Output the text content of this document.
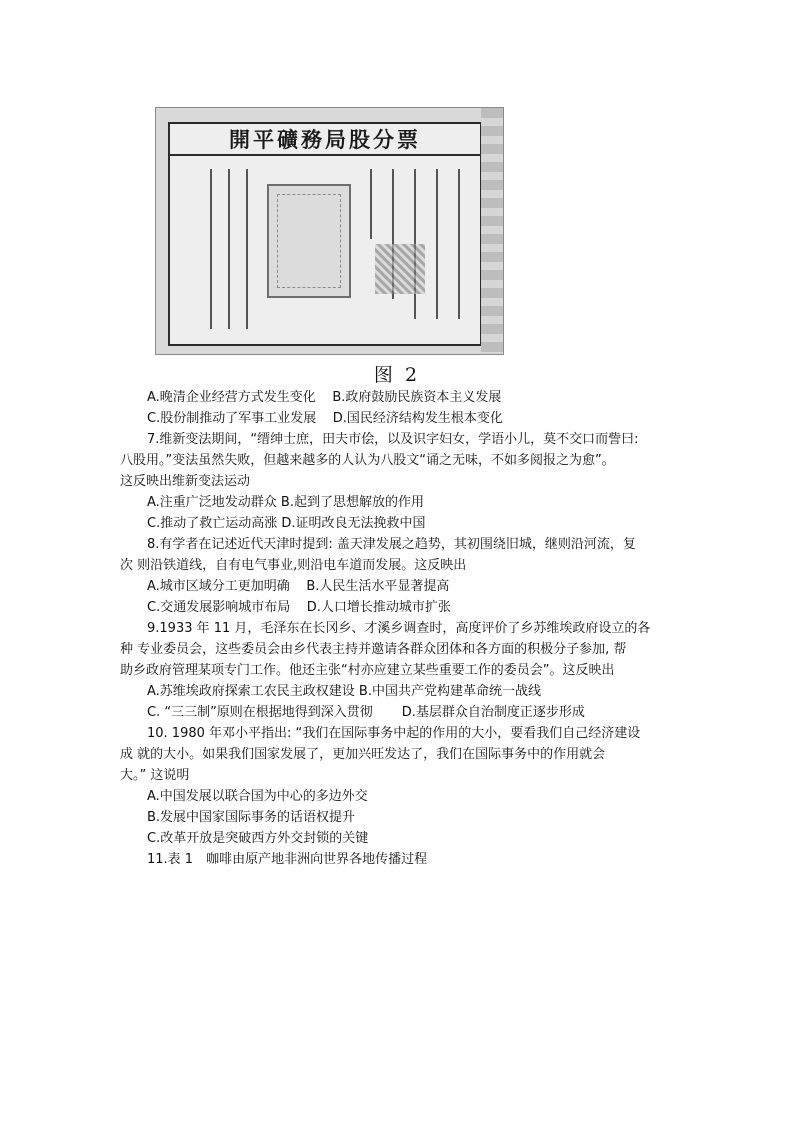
開平礦務局股分票
图 2
A.晚清企业经营方式发生变化 B.政府鼓励民族资本主义发展
C.股份制推动了军事工业发展 D.国民经济结构发生根本变化
7.维新变法期间，“缙绅士庶，田夫市侩，以及识字妇女，学语小儿，莫不交口而訾曰:
八股用。”变法虽然失败，但越来越多的人认为八股文“诵之无味，不如多阅报之为愈”。
这反映出维新变法运动
A.注重广泛地发动群众 B.起到了思想解放的作用
C.推动了救亡运动高涨 D.证明改良无法挽救中国
8.有学者在记述近代天津时提到: 盖天津发展之趋势，其初围绕旧城，继则沿河流，复
次 则沿铁道线，自有电气事业,则沿电车道而发展。这反映出
A.城市区域分工更加明确 B.人民生活水平显著提高
C.交通发展影响城市布局 D.人口增长推动城市扩张
9.1933 年 11 月，毛泽东在长冈乡、才溪乡调查时，高度评价了乡苏维埃政府设立的各
种 专业委员会，这些委员会由乡代表主持并邀请各群众团体和各方面的积极分子参加, 帮
助乡政府管理某项专门工作。他还主张“村亦应建立某些重要工作的委员会”。这反映出
A.苏维埃政府探索工农民主政权建设 B.中国共产党构建革命统一战线
C. “三三制”原则在根据地得到深入贯彻 D.基层群众自治制度正逐步形成
10. 1980 年邓小平指出: “我们在国际事务中起的作用的大小，要看我们自己经济建设
成 就的大小。如果我们国家发展了，更加兴旺发达了，我们在国际事务中的作用就会
大。” 这说明
A.中国发展以联合国为中心的多边外交
B.发展中国家国际事务的话语权提升
C.改革开放是突破西方外交封锁的关键
11.表 1　咖啡由原产地非洲向世界各地传播过程
